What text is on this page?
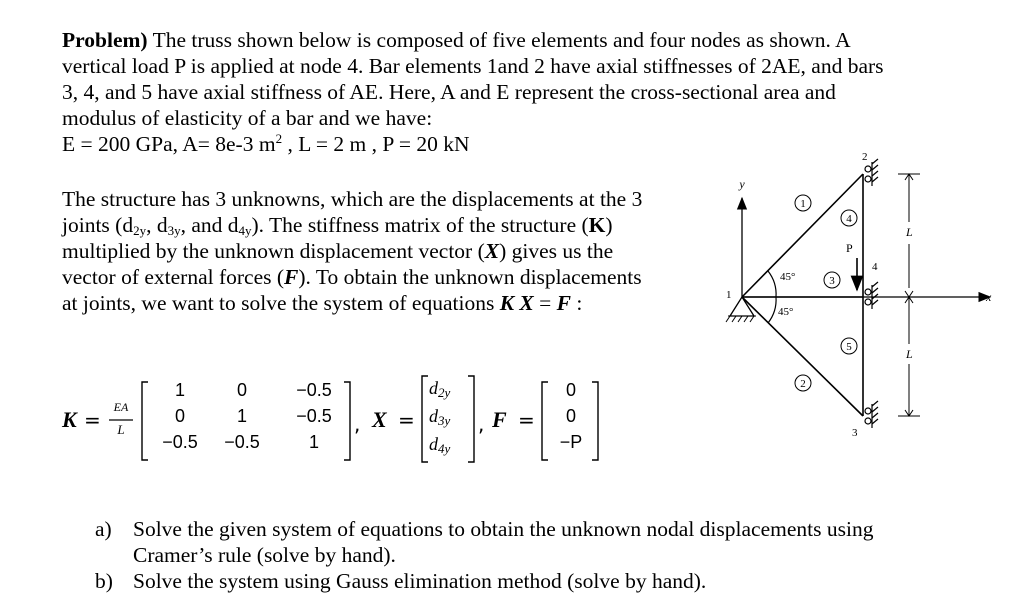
Problem) The truss shown below is composed of five elements and four nodes as shown. A
vertical load P is applied at node 4. Bar elements 1and 2 have axial stiffnesses of 2AE, and bars
3, 4, and 5 have axial stiffness of AE. Here, A and E represent the cross-sectional area and
modulus of elasticity of a bar and we have:
E = 200 GPa, A= 8e-3 $m^2$ , L = 2 m , P = 20 kN
The structure has 3 unknowns, which are the displacements at the 3
joints ($d_{2y}$, $d_{3y}$, and $d_{4y}$). The stiffness matrix of the structure (K)
multiplied by the unknown displacement vector (X) gives us the
vector of external forces (F). To obtain the unknown displacements
at joints, we want to solve the system of equations K X = F :
K =
EA
L
1	0	−0.5
0	1	−0.5
−0.5	−0.5	1
, X =
$d_{2y}$
$d_{3y}$
$d_{4y}$
, F =
0
0
−P
y
x
45°
45°
P
1
2
3
4
1
2
3
4
5
L
L
a) Solve the given system of equations to obtain the unknown nodal displacements using
Cramer’s rule (solve by hand).
b) Solve the system using Gauss elimination method (solve by hand).
